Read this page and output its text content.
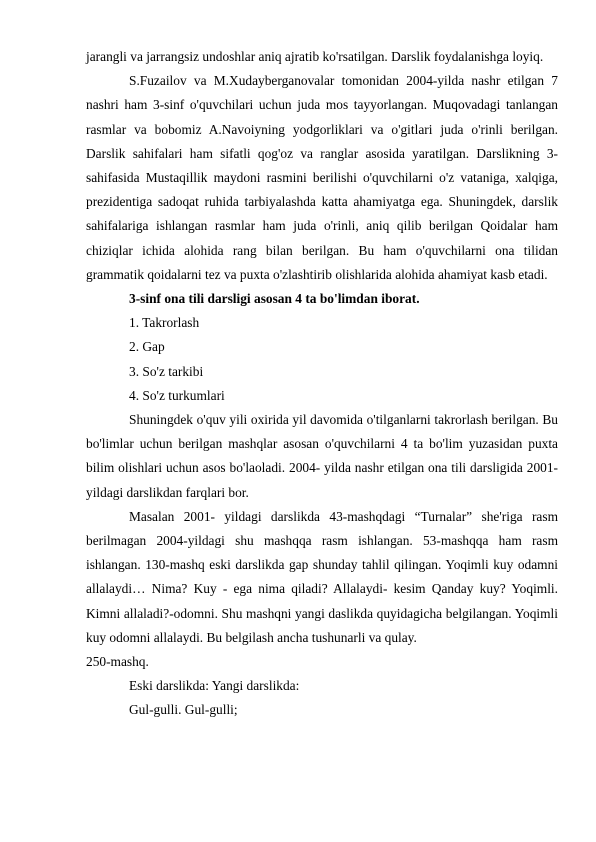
jarangli va jarrangsiz undoshlar aniq ajratib ko'rsatilgan. Darslik foydalanishga loyiq.

S.Fuzailov va M.Xudayberganovalar tomonidan 2004-yilda nashr etilgan 7 nashri ham 3-sinf o'quvchilari uchun juda mos tayyorlangan. Muqovadagi tanlangan rasmlar va bobomiz A.Navoiyning yodgorliklari va o'gitlari juda o'rinli berilgan. Darslik sahifalari ham sifatli qog'oz va ranglar asosida yaratilgan. Darslikning 3-sahifasida Mustaqillik maydoni rasmini berilishi o'quvchilarni o'z vataniga, xalqiga, prezidentiga sadoqat ruhida tarbiyalashda katta ahamiyatga ega. Shuningdek, darslik sahifalariga ishlangan rasmlar ham juda o'rinli, aniq qilib berilgan Qoidalar ham chiziqlar ichida alohida rang bilan berilgan. Bu ham o'quvchilarni ona tilidan grammatik qoidalarni tez va puxta o'zlashtirib olishlarida alohida ahamiyat kasb etadi.

3-sinf ona tili darsligi asosan 4 ta bo'limdan iborat.

1. Takrorlash

2. Gap

3. So'z tarkibi

4. So'z turkumlari

Shuningdek o'quv yili oxirida yil davomida o'tilganlarni takrorlash berilgan. Bu bo'limlar uchun berilgan mashqlar asosan o'quvchilarni 4 ta bo'lim yuzasidan puxta bilim olishlari uchun asos bo'laoladi. 2004- yilda nashr etilgan ona tili darsligida 2001- yildagi darslikdan farqlari bor.

Masalan 2001- yildagi darslikda 43-mashqdagi “Turnalar” she'riga rasm berilmagan 2004-yildagi shu mashqqa rasm ishlangan. 53-mashqqa ham rasm ishlangan. 130-mashq eski darslikda gap shunday tahlil qilingan. Yoqimli kuy odamni allalaydi… Nima? Kuy - ega nima qiladi? Allalaydi- kesim Qanday kuy? Yoqimli. Kimni allaladi?-odomni. Shu mashqni yangi daslikda quyidagicha belgilangan. Yoqimli kuy odomni allalaydi. Bu belgilash ancha tushunarli va qulay.

250-mashq.

Eski darslikda: Yangi darslikda:

Gul-gulli. Gul-gulli;
